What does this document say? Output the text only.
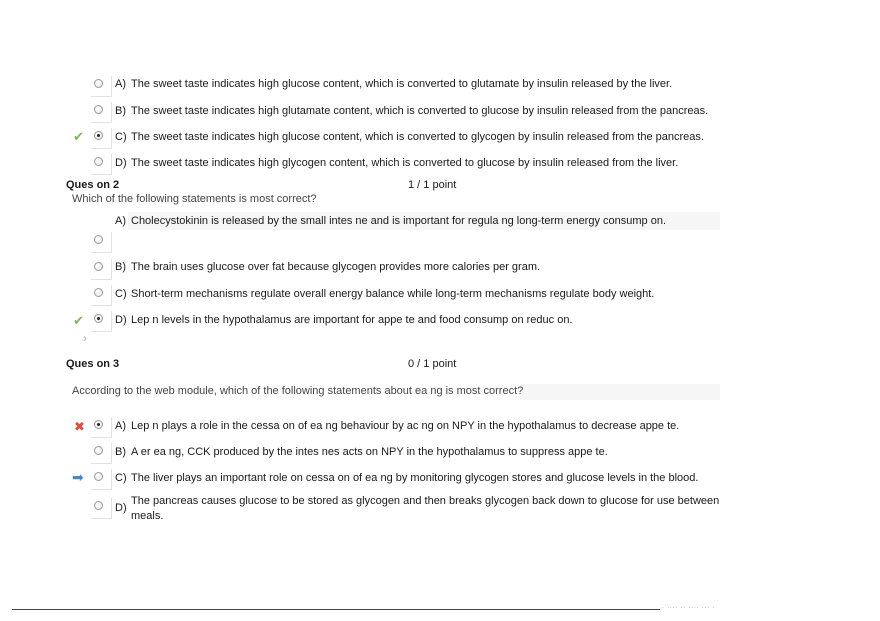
A) The sweet taste indicates high glucose content, which is converted to glutamate by insulin released by the liver.
B) The sweet taste indicates high glutamate content, which is converted to glucose by insulin released from the pancreas.
✔	C) The sweet taste indicates high glucose content, which is converted to glycogen by insulin released from the pancreas.
D) The sweet taste indicates high glycogen content, which is converted to glucose by insulin released from the liver.
Ques on 2	1 / 1 point
Which of the following statements is most correct?
A) Cholecystokinin is released by the small intes ne and is important for regula ng long-term energy consump on.
B) The brain uses glucose over fat because glycogen provides more calories per gram.
C) Short-term mechanisms regulate overall energy balance while long-term mechanisms regulate body weight.
✔	D) Lep n levels in the hypothalamus are important for appe te and food consump on reduc on.
›
Ques on 3	0 / 1 point
According to the web module, which of the following statements about ea ng is most correct?
✖	A) Lep n plays a role in the cessa on of ea ng behaviour by ac ng on NPY in the hypothalamus to decrease appe te.
B) A er ea ng, CCK produced by the intes nes acts on NPY in the hypothalamus to suppress appe te.
➡	C) The liver plays an important role on cessa on of ea ng by monitoring glycogen stores and glucose levels in the blood.
D)
The pancreas causes glucose to be stored as glycogen and then breaks glycogen back down to glucose for use between
meals.
. .... .. .... ... .
